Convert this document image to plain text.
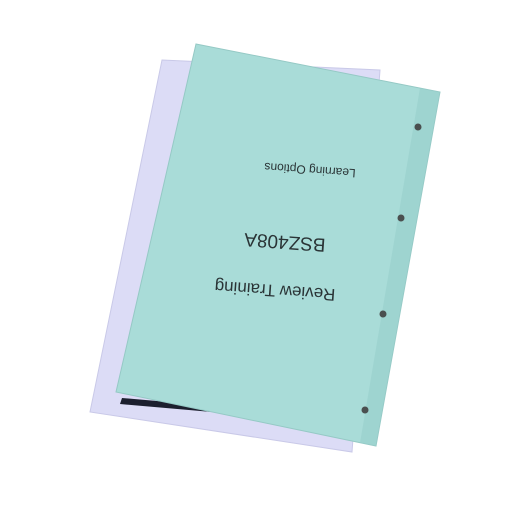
Learning Options
BSZ408A
Review Training
